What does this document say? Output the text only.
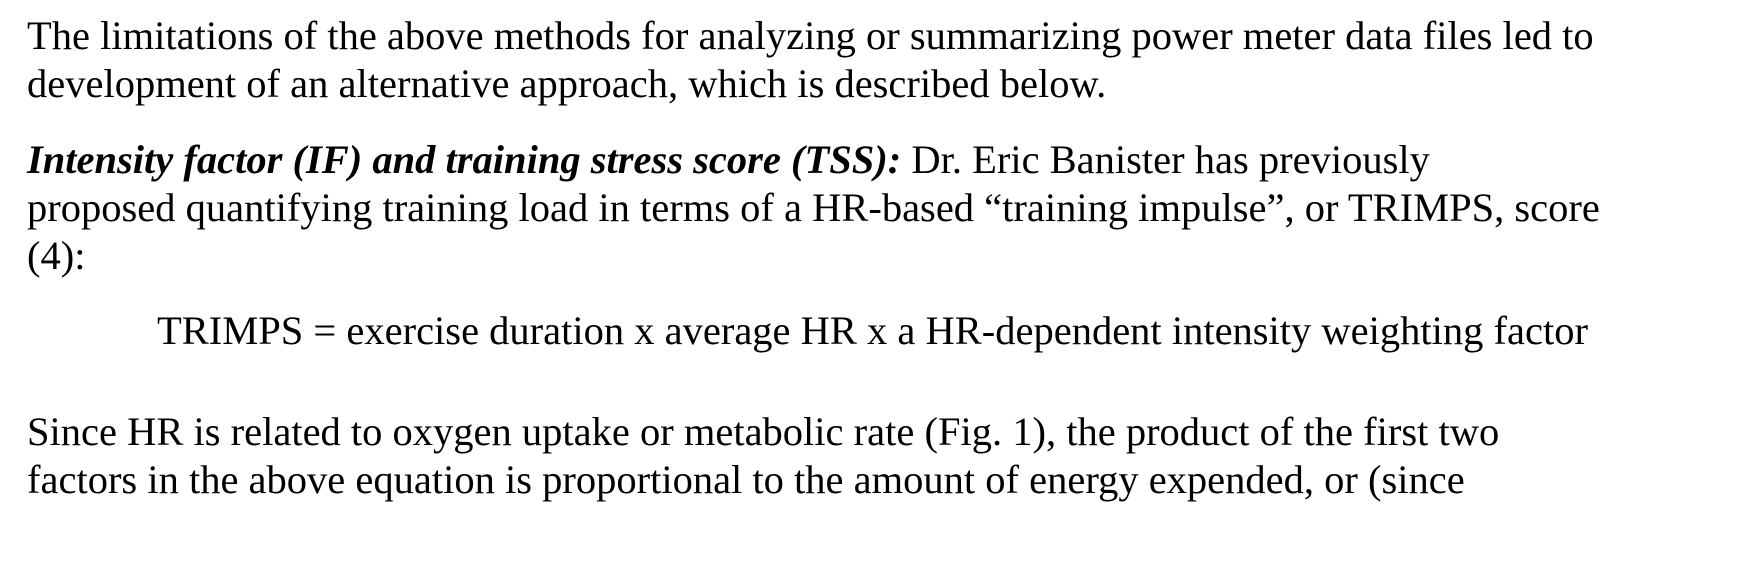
The limitations of the above methods for analyzing or summarizing power meter data files led to
development of an alternative approach, which is described below.

Intensity factor (IF) and training stress score (TSS): Dr. Eric Banister has previously
proposed quantifying training load in terms of a HR-based “training impulse”, or TRIMPS, score
(4):

TRIMPS = exercise duration x average HR x a HR-dependent intensity weighting factor

Since HR is related to oxygen uptake or metabolic rate (Fig. 1), the product of the first two
factors in the above equation is proportional to the amount of energy expended, or (since
